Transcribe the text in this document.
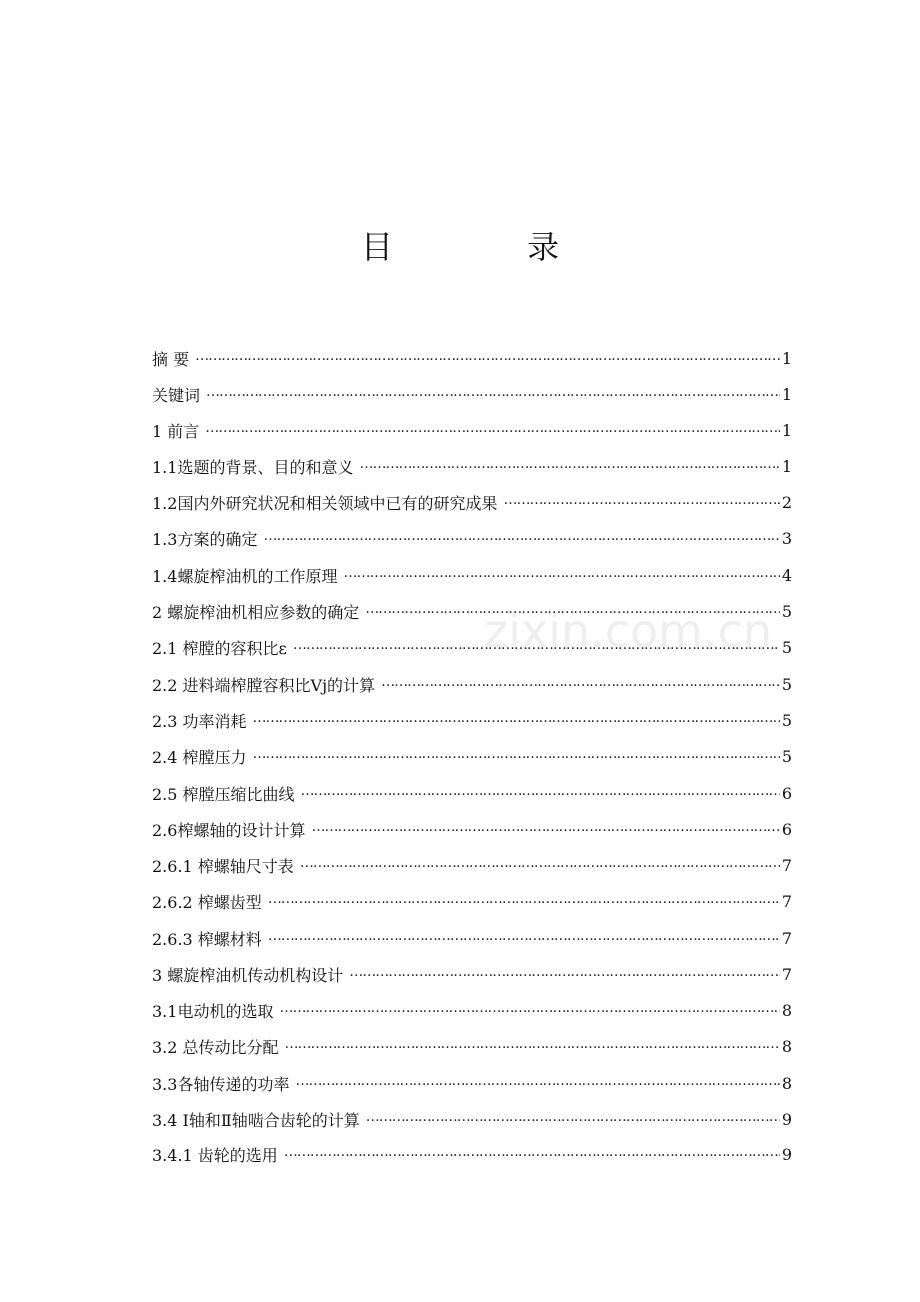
目 录
zixin.com.cn
摘 要 …………………………………………………………………………………………………………………………………………………………………………………………………………………	1
关键词 …………………………………………………………………………………………………………………………………………………………………………………………………………………	1
1 前言 …………………………………………………………………………………………………………………………………………………………………………………………………………………	1
1.1选题的背景、目的和意义 …………………………………………………………………………………………………………………………………………………………………………………………………………………	1
1.2国内外研究状况和相关领域中已有的研究成果 …………………………………………………………………………………………………………………………………………………………………………………………………………………	2
1.3方案的确定 …………………………………………………………………………………………………………………………………………………………………………………………………………………	3
1.4螺旋榨油机的工作原理 …………………………………………………………………………………………………………………………………………………………………………………………………………………	4
2 螺旋榨油机相应参数的确定 …………………………………………………………………………………………………………………………………………………………………………………………………………………	5
2.1 榨膛的容积比ε …………………………………………………………………………………………………………………………………………………………………………………………………………………	5
2.2 进料端榨膛容积比Vj的计算 …………………………………………………………………………………………………………………………………………………………………………………………………………………	5
2.3 功率消耗 …………………………………………………………………………………………………………………………………………………………………………………………………………………	5
2.4 榨膛压力 …………………………………………………………………………………………………………………………………………………………………………………………………………………	5
2.5 榨膛压缩比曲线 …………………………………………………………………………………………………………………………………………………………………………………………………………………	6
2.6榨螺轴的设计计算 …………………………………………………………………………………………………………………………………………………………………………………………………………………	6
2.6.1 榨螺轴尺寸表 …………………………………………………………………………………………………………………………………………………………………………………………………………………	7
2.6.2 榨螺齿型 …………………………………………………………………………………………………………………………………………………………………………………………………………………	7
2.6.3 榨螺材料 …………………………………………………………………………………………………………………………………………………………………………………………………………………	7
3 螺旋榨油机传动机构设计 …………………………………………………………………………………………………………………………………………………………………………………………………………………	7
3.1电动机的选取 …………………………………………………………………………………………………………………………………………………………………………………………………………………	8
3.2 总传动比分配 …………………………………………………………………………………………………………………………………………………………………………………………………………………	8
3.3各轴传递的功率 …………………………………………………………………………………………………………………………………………………………………………………………………………………	8
3.4 Ⅰ轴和Ⅱ轴啮合齿轮的计算 …………………………………………………………………………………………………………………………………………………………………………………………………………………	9
3.4.1 齿轮的选用 …………………………………………………………………………………………………………………………………………………………………………………………………………………	9
